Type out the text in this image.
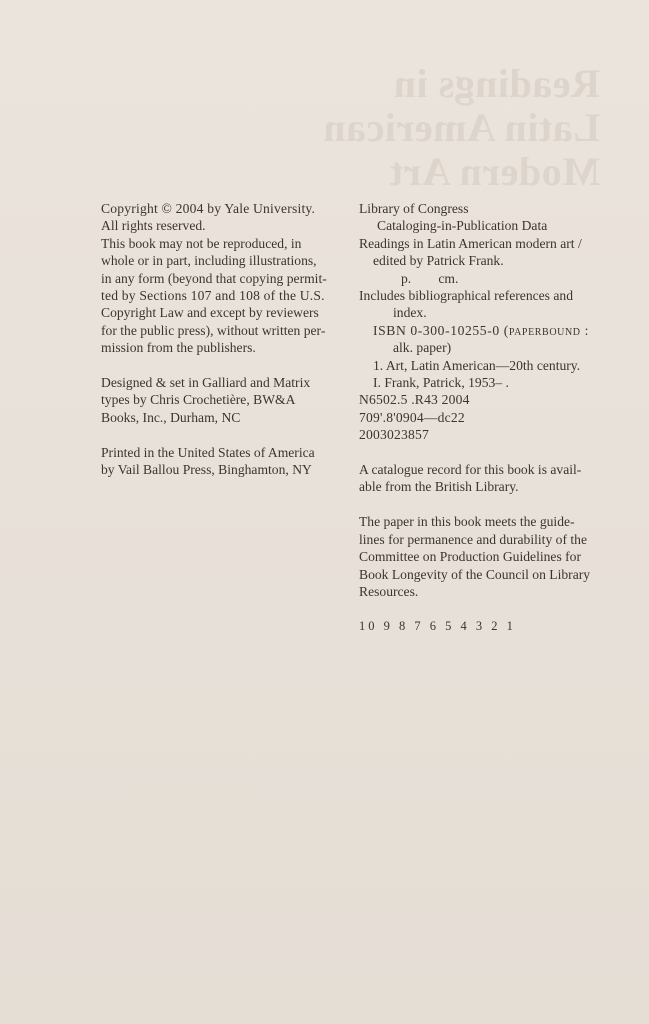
Readings in
Latin American
Modern Art
Copyright © 2004 by Yale University.
All rights reserved.
This book may not be reproduced, in
whole or in part, including illustrations,
in any form (beyond that copying permit-
ted by Sections 107 and 108 of the U.S.
Copyright Law and except by reviewers
for the public press), without written per-
mission from the publishers.
Designed & set in Galliard and Matrix
types by Chris Crochetière, BW&A
Books, Inc., Durham, NC
Printed in the United States of America
by Vail Ballou Press, Binghamton, NY
Library of Congress
Cataloging-in-Publication Data
Readings in Latin American modern art /
edited by Patrick Frank.
p.        cm.
Includes bibliographical references and
index.
ISBN 0-300-10255-0 (paperbound :
alk. paper)
1. Art, Latin American—20th century.
I. Frank, Patrick, 1953– .
N6502.5 .R43 2004
709'.8'0904—dc22
2003023857
A catalogue record for this book is avail-
able from the British Library.
The paper in this book meets the guide-
lines for permanence and durability of the
Committee on Production Guidelines for
Book Longevity of the Council on Library
Resources.
10 9 8 7 6 5 4 3 2 1
